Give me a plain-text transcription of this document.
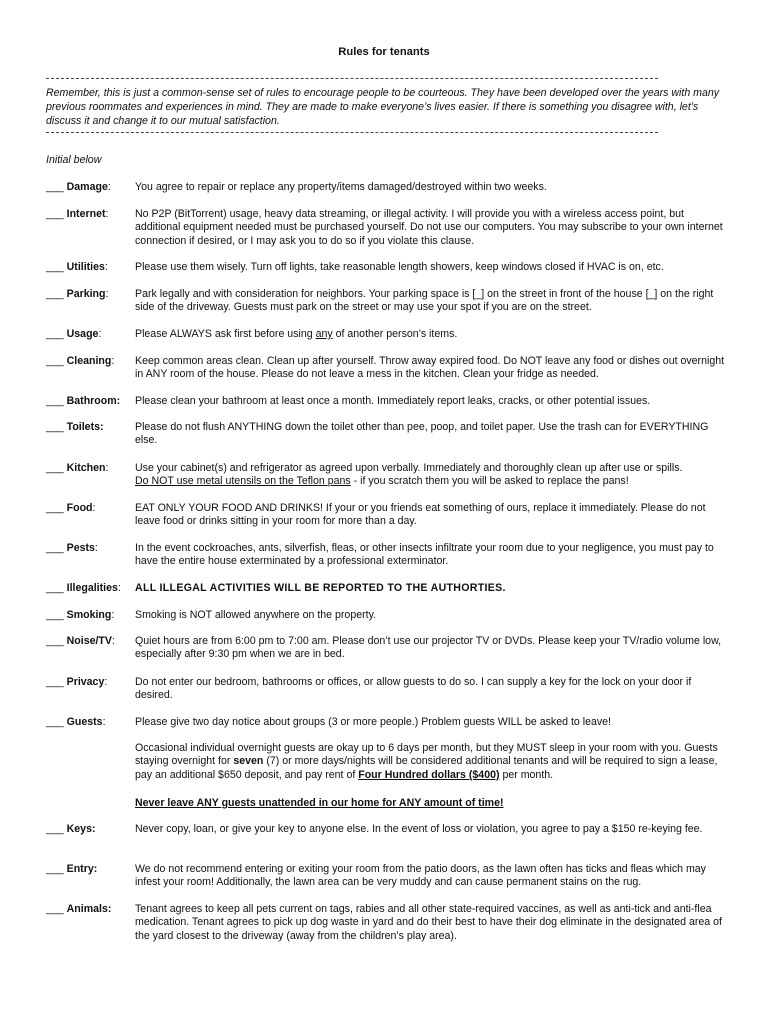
Rules for tenants
Remember, this is just a common-sense set of rules to encourage people to be courteous. They have been developed over the years with many previous roommates and experiences in mind. They are made to make everyone’s lives easier. If there is something you disagree with, let’s discuss it and change it to our mutual satisfaction.
Initial below
___ Damage: You agree to repair or replace any property/items damaged/destroyed within two weeks.
___ Internet:	No P2P (BitTorrent) usage, heavy data streaming, or illegal activity. I will provide you with a wireless access point, but additional equipment needed must be purchased yourself. Do not use our computers. You may subscribe to your own internet connection if desired, or I may ask you to do so if you violate this clause.
___ Utilities:	Please use them wisely. Turn off lights, take reasonable length showers, keep windows closed if HVAC is on, etc.
___ Parking:	Park legally and with consideration for neighbors. Your parking space is [_] on the street in front of the house [_] on the right side of the driveway. Guests must park on the street or may use your spot if you are on the street.
___ Usage:	Please ALWAYS ask first before using any of another person’s items.
___ Cleaning: Keep common areas clean. Clean up after yourself. Throw away expired food. Do NOT leave any food or dishes out overnight in ANY room of the house. Please do not leave a mess in the kitchen. Clean your fridge as needed.
___ Bathroom: Please clean your bathroom at least once a month. Immediately report leaks, cracks, or other potential issues.
___ Toilets:	Please do not flush ANYTHING down the toilet other than pee, poop, and toilet paper. Use the trash can for EVERYTHING else.
___ Kitchen:	Use your cabinet(s) and refrigerator as agreed upon verbally. Immediately and thoroughly clean up after use or spills.
Do NOT use metal utensils on the Teflon pans - if you scratch them you will be asked to replace the pans!
___ Food:	EAT ONLY YOUR FOOD AND DRINKS! If your or you friends eat something of ours, replace it immediately. Please do not leave food or drinks sitting in your room for more than a day.
___ Pests:	In the event cockroaches, ants, silverfish, fleas, or other insects infiltrate your room due to your negligence, you must pay to have the entire house exterminated by a professional exterminator.
___ Illegalities: ALL ILLEGAL ACTIVITIES WILL BE REPORTED TO THE AUTHORTIES.
___ Smoking: Smoking is NOT allowed anywhere on the property.
___ Noise/TV: Quiet hours are from 6:00 pm to 7:00 am. Please don’t use our projector TV or DVDs. Please keep your TV/radio volume low, especially after 9:30 pm when we are in bed.
___ Privacy:	Do not enter our bedroom, bathrooms or offices, or allow guests to do so. I can supply a key for the lock on your door if desired.
___ Guests:	Please give two day notice about groups (3 or more people.) Problem guests WILL be asked to leave!
Occasional individual overnight guests are okay up to 6 days per month, but they MUST sleep in your room with you. Guests staying overnight for seven (7) or more days/nights will be considered additional tenants and will be required to sign a lease, pay an additional $650 deposit, and pay rent of Four Hundred dollars ($400) per month.
Never leave ANY guests unattended in our home for ANY amount of time!
___ Keys:	Never copy, loan, or give your key to anyone else. In the event of loss or violation, you agree to pay a $150 re-keying fee.
___ Entry:	We do not recommend entering or exiting your room from the patio doors, as the lawn often has ticks and fleas which may infest your room! Additionally, the lawn area can be very muddy and can cause permanent stains on the rug.
___ Animals: Tenant agrees to keep all pets current on tags, rabies and all other state-required vaccines, as well as anti-tick and anti-flea medication. Tenant agrees to pick up dog waste in yard and do their best to have their dog eliminate in the designated area of the yard closest to the driveway (away from the children’s play area).
